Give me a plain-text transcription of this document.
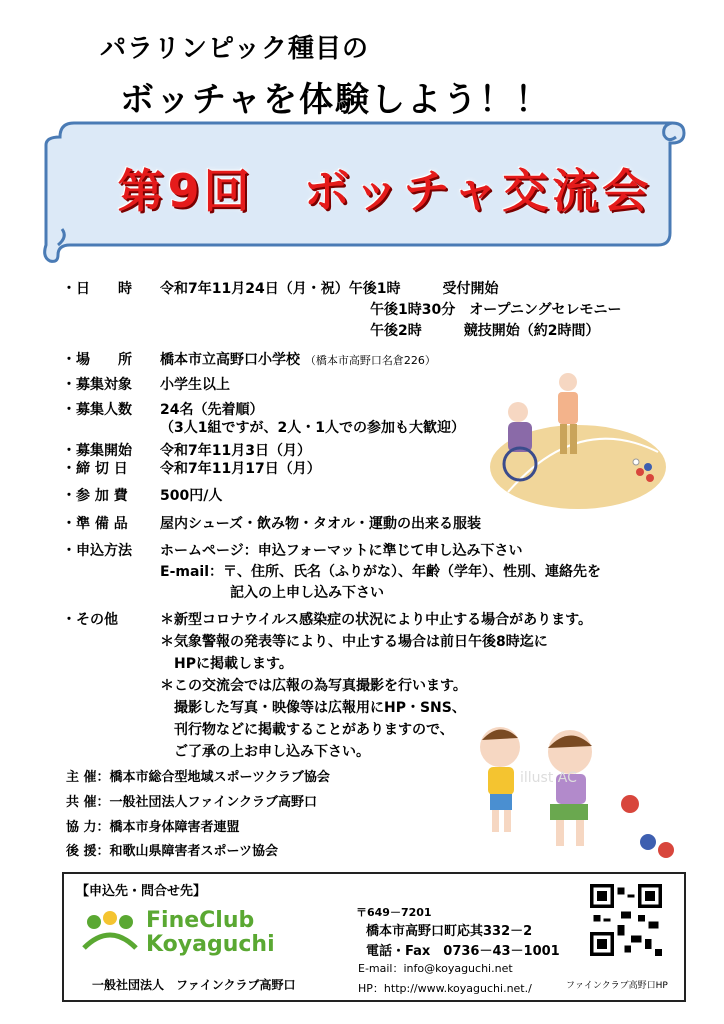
パラリンピック種目の
ボッチャを体験しよう！！
第9回　ボッチャ交流会
・日　　時 令和7年11月24日（月・祝）午後1時　　　受付開始
　　　　　　　　　　　　　　　午後1時30分　オープニングセレモニー
　　　　　　　　　　　　　　　午後2時　　　競技開始（約2時間）
・場　　所 橋本市立高野口小学校 （橋本市高野口名倉226）
・募集対象 小学生以上
・募集人数 24名（先着順）
（3人1組ですが、2人・1人での参加も大歓迎）
・募集開始 令和7年11月3日（月）
・締 切 日 令和7年11月17日（月）
・参 加 費 500円/人
・準 備 品 屋内シューズ・飲み物・タオル・運動の出来る服装
・申込方法 ホームページ：申込フォーマットに準じて申し込み下さい
E-mail：〒、住所、氏名（ふりがな）、年齢（学年）、性別、連絡先を
　　　　　記入の上申し込み下さい
・その他	＊新型コロナウイルス感染症の状況により中止する場合があります。
＊気象警報の発表等により、中止する場合は前日午後8時迄に
　HPに掲載します。
＊この交流会では広報の為写真撮影を行います。
　撮影した写真・映像等は広報用にHP・SNS、
　刊行物などに掲載することがありますので、
　ご了承の上お申し込み下さい。
主 催：橋本市総合型地域スポーツクラブ協会
共 催：一般社団法人ファインクラブ高野口
協 力：橋本市身体障害者連盟
後 援：和歌山県障害者スポーツ協会
illust AC
【申込先・問合せ先】
FineClub
Koyaguchi
一般社団法人　ファインクラブ高野口
〒649－7201
橋本市高野口町応其332－2
電話・Fax　0736－43－1001
E-mail：info@koyaguchi.net
HP：http://www.koyaguchi.net./	ファインクラブ高野口HP
